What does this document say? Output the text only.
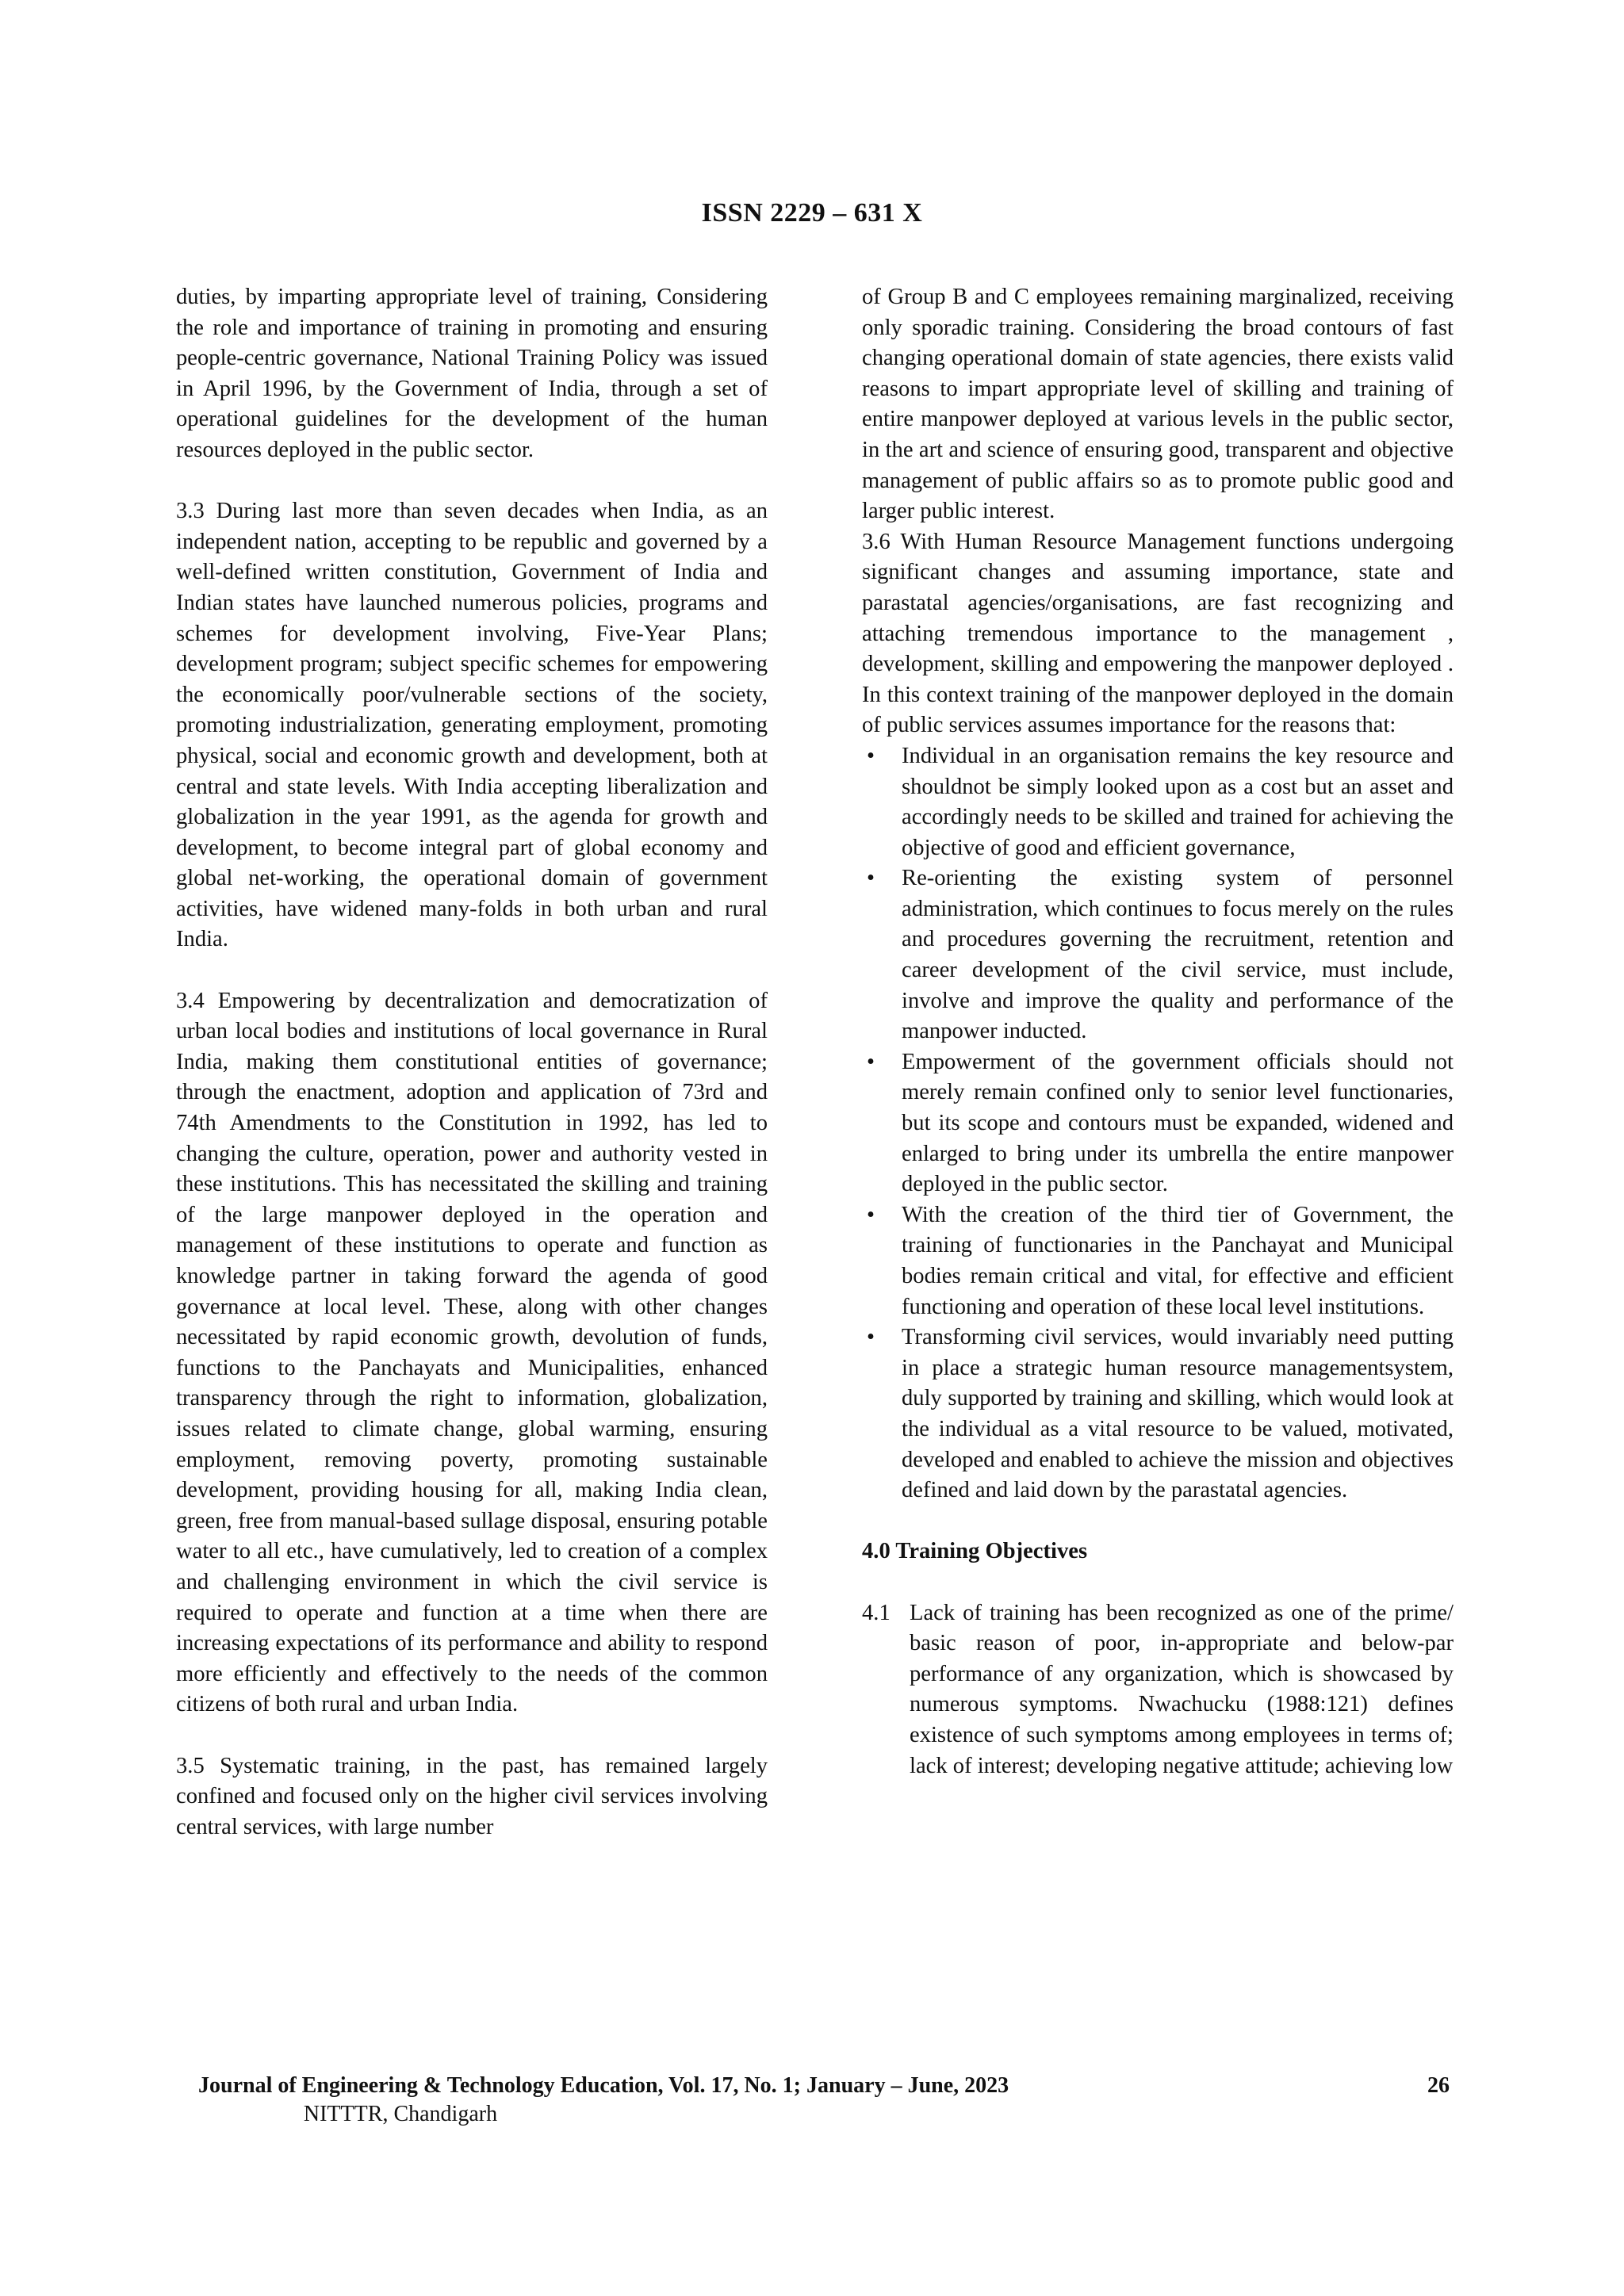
ISSN 2229 – 631 X

duties, by imparting appropriate level of training, Considering the role and importance of training in promoting and ensuring people-centric governance, National Training Policy was issued in April 1996, by the Government of India, through a set of operational guidelines for the development of the human resources deployed in the public sector.

3.3 During last more than seven decades when India, as an independent nation, accepting to be republic and governed by a well-defined written constitution, Government of India and Indian states have launched numerous policies, programs and schemes for development involving, Five-Year Plans; development program; subject specific schemes for empowering the economically poor/vulnerable sections of the society, promoting industrialization, generating employment, promoting physical, social and economic growth and development, both at central and state levels. With India accepting liberalization and globalization in the year 1991, as the agenda for growth and development, to become integral part of global economy and global net-working, the operational domain of government activities, have widened many-folds in both urban and rural India.

3.4 Empowering by decentralization and democratization of urban local bodies and institutions of local governance in Rural India, making them constitutional entities of governance; through the enactment, adoption and application of 73rd and 74th Amendments to the Constitution in 1992, has led to changing the culture, operation, power and authority vested in these institutions. This has necessitated the skilling and training of the large manpower deployed in the operation and management of these institutions to operate and function as knowledge partner in taking forward the agenda of good governance at local level. These, along with other changes necessitated by rapid economic growth, devolution of funds, functions to the Panchayats and Municipalities, enhanced transparency through the right to information, globalization, issues related to climate change, global warming, ensuring employment, removing poverty, promoting sustainable development, providing housing for all, making India clean, green, free from manual-based sullage disposal, ensuring potable water to all etc., have cumulatively, led to creation of a complex and challenging environment in which the civil service is required to operate and function at a time when there are increasing expectations of its performance and ability to respond more efficiently and effectively to the needs of the common citizens of both rural and urban India.

3.5 Systematic training, in the past, has remained largely confined and focused only on the higher civil services involving central services, with large number

of Group B and C employees remaining marginalized, receiving only sporadic training. Considering the broad contours of fast changing operational domain of state agencies, there exists valid reasons to impart appropriate level of skilling and training of entire manpower deployed at various levels in the public sector, in the art and science of ensuring good, transparent and objective management of public affairs so as to promote public good and larger public interest.

3.6 With Human Resource Management functions undergoing significant changes and assuming importance, state and parastatal agencies/organisations, are fast recognizing and attaching tremendous importance to the management , development, skilling and empowering the manpower deployed . In this context training of the manpower deployed in the domain of public services assumes importance for the reasons that:

• Individual in an organisation remains the key resource and shouldnot be simply looked upon as a cost but an asset and accordingly needs to be skilled and trained for achieving the objective of good and efficient governance,
• Re-orienting the existing system of personnel administration, which continues to focus merely on the rules and procedures governing the recruitment, retention and career development of the civil service, must include, involve and improve the quality and performance of the manpower inducted.
• Empowerment of the government officials should not merely remain confined only to senior level functionaries, but its scope and contours must be expanded, widened and enlarged to bring under its umbrella the entire manpower deployed in the public sector.
• With the creation of the third tier of Government, the training of functionaries in the Panchayat and Municipal bodies remain critical and vital, for effective and efficient functioning and operation of these local level institutions.
• Transforming civil services, would invariably need putting in place a strategic human resource managementsystem, duly supported by training and skilling, which would look at the individual as a vital resource to be valued, motivated, developed and enabled to achieve the mission and objectives defined and laid down by the parastatal agencies.

4.0 Training Objectives

4.1 Lack of training has been recognized as one of the prime/ basic reason of poor, in-appropriate and below-par performance of any organization, which is showcased by numerous symptoms. Nwachucku (1988:121) defines existence of such symptoms among employees in terms of; lack of interest; developing negative attitude; achieving low

Journal of Engineering & Technology Education, Vol. 17, No. 1; January – June, 2023	26
NITTTR, Chandigarh
